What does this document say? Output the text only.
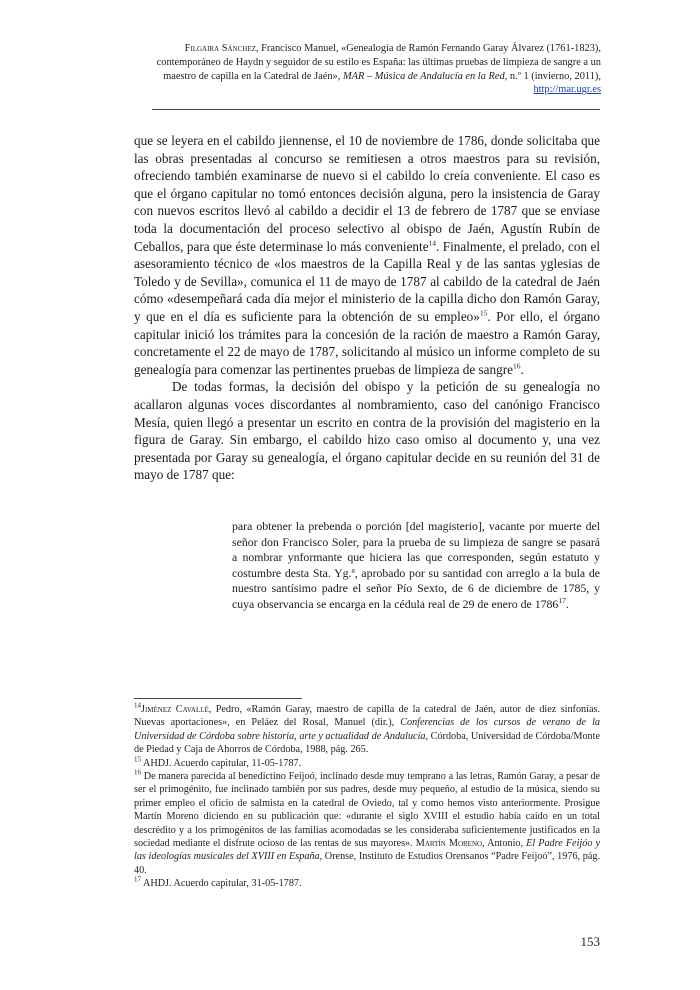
Filgaira Sánchez, Francisco Manuel, «Genealogía de Ramón Fernando Garay Álvarez (1761-1823), contemporáneo de Haydn y seguidor de su estilo es España: las últimas pruebas de limpieza de sangre a un maestro de capilla en la Catedral de Jaén», MAR – Música de Andalucía en la Red, n.º 1 (invierno, 2011), http://mar.ugr.es

que se leyera en el cabildo jiennense, el 10 de noviembre de 1786, donde solicitaba que las obras presentadas al concurso se remitiesen a otros maestros para su revisión, ofreciendo también examinarse de nuevo si el cabildo lo creía conveniente. El caso es que el órgano capitular no tomó entonces decisión alguna, pero la insistencia de Garay con nuevos escritos llevó al cabildo a decidir el 13 de febrero de 1787 que se enviase toda la documentación del proceso selectivo al obispo de Jaén, Agustín Rubín de Ceballos, para que éste determinase lo más conveniente$^{14}$. Finalmente, el prelado, con el asesoramiento técnico de «los maestros de la Capilla Real y de las santas yglesias de Toledo y de Sevilla», comunica el 11 de mayo de 1787 al cabildo de la catedral de Jaén cómo «desempeñará cada día mejor el ministerio de la capilla dicho don Ramón Garay, y que en el día es suficiente para la obtención de su empleo»$^{15}$. Por ello, el órgano capitular inició los trámites para la concesión de la ración de maestro a Ramón Garay, concretamente el 22 de mayo de 1787, solicitando al músico un informe completo de su genealogía para comenzar las pertinentes pruebas de limpieza de sangre$^{16}$.

De todas formas, la decisión del obispo y la petición de su genealogía no acallaron algunas voces discordantes al nombramiento, caso del canónigo Francisco Mesía, quien llegó a presentar un escrito en contra de la provisión del magisterio en la figura de Garay. Sin embargo, el cabildo hizo caso omiso al documento y, una vez presentada por Garay su genealogía, el órgano capitular decide en su reunión del 31 de mayo de 1787 que:

para obtener la prebenda o porción [del magisterio], vacante por muerte del señor don Francisco Soler, para la prueba de su limpieza de sangre se pasará a nombrar ynformante que hiciera las que corresponden, según estatuto y costumbre desta Sta. Yg.ª, aprobado por su santidad con arreglo a la bula de nuestro santísimo padre el señor Pío Sexto, de 6 de diciembre de 1785, y cuya observancia se encarga en la cédula real de 29 de enero de 1786$^{17}$.

$^{14}$Jiménez Cavallé, Pedro, «Ramón Garay, maestro de capilla de la catedral de Jaén, autor de diez sinfonías. Nuevas aportaciones», en Peláez del Rosal, Manuel (dir.), Conferencias de los cursos de verano de la Universidad de Córdoba sobre historia, arte y actualidad de Andalucía, Córdoba, Universidad de Córdoba/Monte de Piedad y Caja de Ahorros de Córdoba, 1988, pág. 265.

$^{15}$ AHDJ. Acuerdo capitular, 11-05-1787.

$^{16}$ De manera parecida al benedictino Feijoó, inclinado desde muy temprano a las letras, Ramón Garay, a pesar de ser el primogénito, fue inclinado también por sus padres, desde muy pequeño, al estudio de la música, siendo su primer empleo el oficio de salmista en la catedral de Oviedo, tal y como hemos visto anteriormente. Prosigue Martín Moreno diciendo en su publicación que: «durante el siglo XVIII el estudio había caído en un total descrédito y a los primogénitos de las familias acomodadas se les consideraba suficientemente justificados en la sociedad mediante el disfrute ocioso de las rentas de sus mayores». Martín Moreno, Antonio, El Padre Feijóo y las ideologías musicales del XVIII en España, Orense, Instituto de Estudios Orensanos “Padre Feijoó”, 1976, pág. 40.

$^{17}$ AHDJ. Acuerdo capitular, 31-05-1787.

153
